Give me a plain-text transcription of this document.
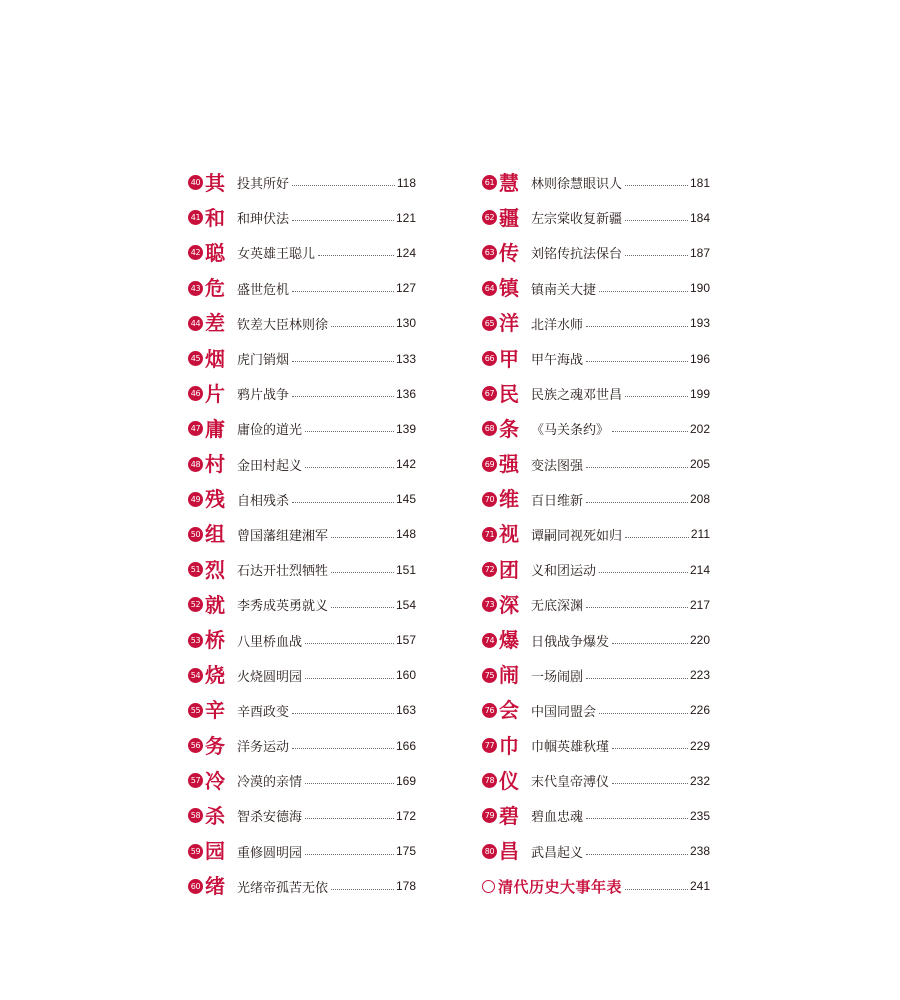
40 其 投其所好	118
41 和 和珅伏法	121
42 聪 女英雄王聪儿	124
43 危 盛世危机	127
44 差 钦差大臣林则徐	130
45 烟 虎门销烟	133
46 片 鸦片战争	136
47 庸 庸俭的道光	139
48 村 金田村起义	142
49 残 自相残杀	145
50 组 曾国藩组建湘军	148
51 烈 石达开壮烈牺牲	151
52 就 李秀成英勇就义	154
53 桥 八里桥血战	157
54 烧 火烧圆明园	160
55 辛 辛酉政变	163
56 务 洋务运动	166
57 冷 冷漠的亲情	169
58 杀 智杀安德海	172
59 园 重修圆明园	175
60 绪 光绪帝孤苦无依	178
61 慧 林则徐慧眼识人	181
62 疆 左宗棠收复新疆	184
63 传 刘铭传抗法保台	187
64 镇 镇南关大捷	190
65 洋 北洋水师	193
66 甲 甲午海战	196
67 民 民族之魂邓世昌	199
68 条 《马关条约》	202
69 强 变法图强	205
70 维 百日维新	208
71 视 谭嗣同视死如归	211
72 团 义和团运动	214
73 深 无底深渊	217
74 爆 日俄战争爆发	220
75 闹 一场闹剧	223
76 会 中国同盟会	226
77 巾 巾帼英雄秋瑾	229
78 仪 末代皇帝溥仪	232
79 碧 碧血忠魂	235
80 昌 武昌起义	238
清代历史大事年表	241
